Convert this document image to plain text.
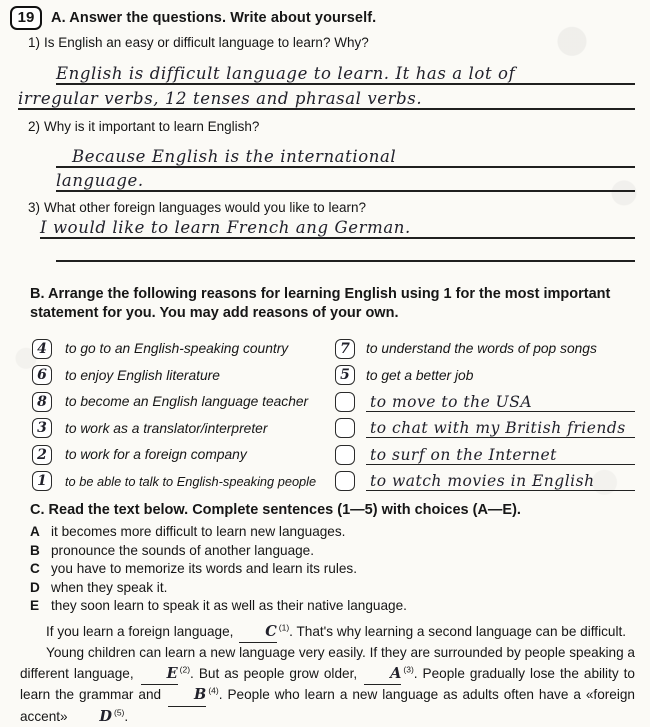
19	A. Answer the questions. Write about yourself.
1) Is English an easy or difficult language to learn? Why?
English is difficult language to learn. It has a lot of
irregular verbs, 12 tenses and phrasal verbs.
2) Why is it important to learn English?
Because English is the international
language.
3) What other foreign languages would you like to learn?
I would like to learn French ang German.
B. Arrange the following reasons for learning English using 1 for the most important statement for you. You may add reasons of your own.
4 to go to an English-speaking country	7 to understand the words of pop songs
6 to enjoy English literature	5 to get a better job
8 to become an English language teacher	to move to the USA
3 to work as a translator/interpreter	to chat with my British friends
2 to work for a foreign company	to surf on the Internet
1 to be able to talk to English-speaking people	to watch movies in English
C. Read the text below. Complete sentences (1—5) with choices (A—E).
A it becomes more difficult to learn new languages.
B pronounce the sounds of another language.
C you have to memorize its words and learn its rules.
D when they speak it.
E they soon learn to speak it as well as their native language.

If you learn a foreign language, C $^{(1)}$. That's why learning a second language can be difficult.

Young children can learn a new language very easily. If they are surrounded by people speaking a different language, E $^{(2)}$. But as people grow older, A $^{(3)}$. People gradually lose the ability to learn the grammar and B $^{(4)}$. People who learn a new language as adults often have a «foreign accent» D $^{(5)}$.
